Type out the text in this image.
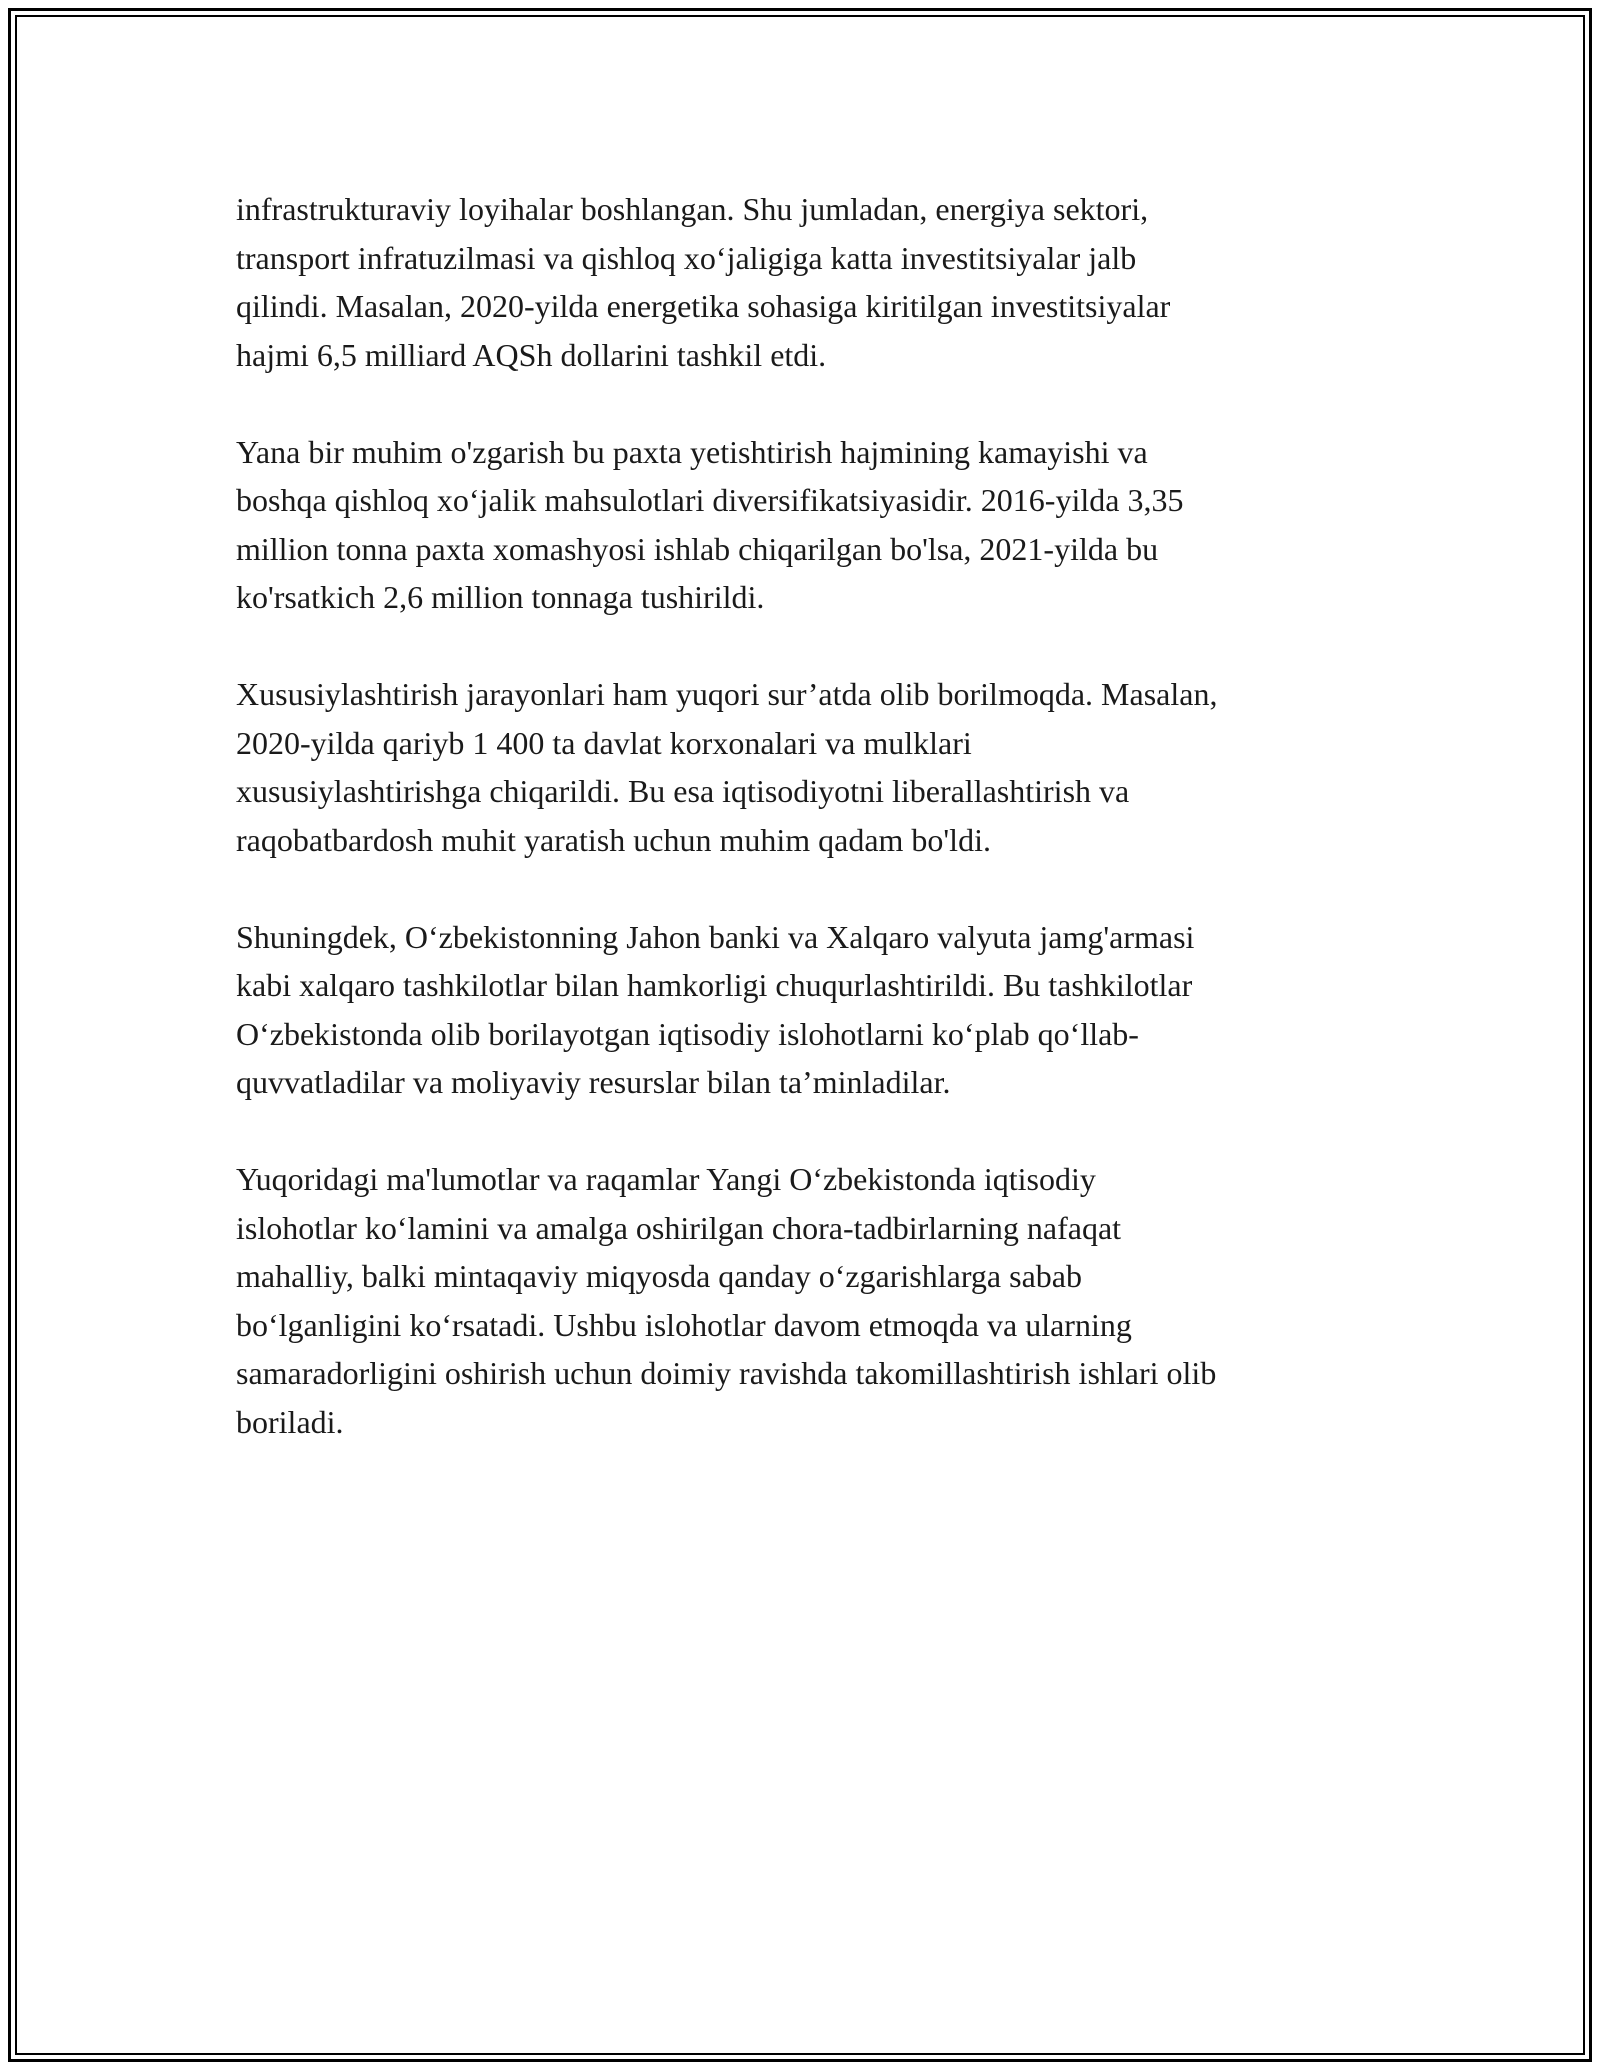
infrastrukturaviy loyihalar boshlangan. Shu jumladan, energiya sektori,
transport infratuzilmasi va qishloq xoʻjaligiga katta investitsiyalar jalb
qilindi. Masalan, 2020-yilda energetika sohasiga kiritilgan investitsiyalar
hajmi 6,5 milliard AQSh dollarini tashkil etdi.

Yana bir muhim o'zgarish bu paxta yetishtirish hajmining kamayishi va
boshqa qishloq xoʻjalik mahsulotlari diversifikatsiyasidir. 2016-yilda 3,35
million tonna paxta xomashyosi ishlab chiqarilgan bo'lsa, 2021-yilda bu
ko'rsatkich 2,6 million tonnaga tushirildi.

Xususiylashtirish jarayonlari ham yuqori sur’atda olib borilmoqda. Masalan,
2020-yilda qariyb 1 400 ta davlat korxonalari va mulklari
xususiylashtirishga chiqarildi. Bu esa iqtisodiyotni liberallashtirish va
raqobatbardosh muhit yaratish uchun muhim qadam bo'ldi.

Shuningdek, Oʻzbekistonning Jahon banki va Xalqaro valyuta jamg'armasi
kabi xalqaro tashkilotlar bilan hamkorligi chuqurlashtirildi. Bu tashkilotlar
Oʻzbekistonda olib borilayotgan iqtisodiy islohotlarni koʻplab qoʻllab-
quvvatladilar va moliyaviy resurslar bilan ta’minladilar.

Yuqoridagi ma'lumotlar va raqamlar Yangi Oʻzbekistonda iqtisodiy
islohotlar koʻlamini va amalga oshirilgan chora-tadbirlarning nafaqat
mahalliy, balki mintaqaviy miqyosda qanday oʻzgarishlarga sabab
boʻlganligini koʻrsatadi. Ushbu islohotlar davom etmoqda va ularning
samaradorligini oshirish uchun doimiy ravishda takomillashtirish ishlari olib
boriladi.
